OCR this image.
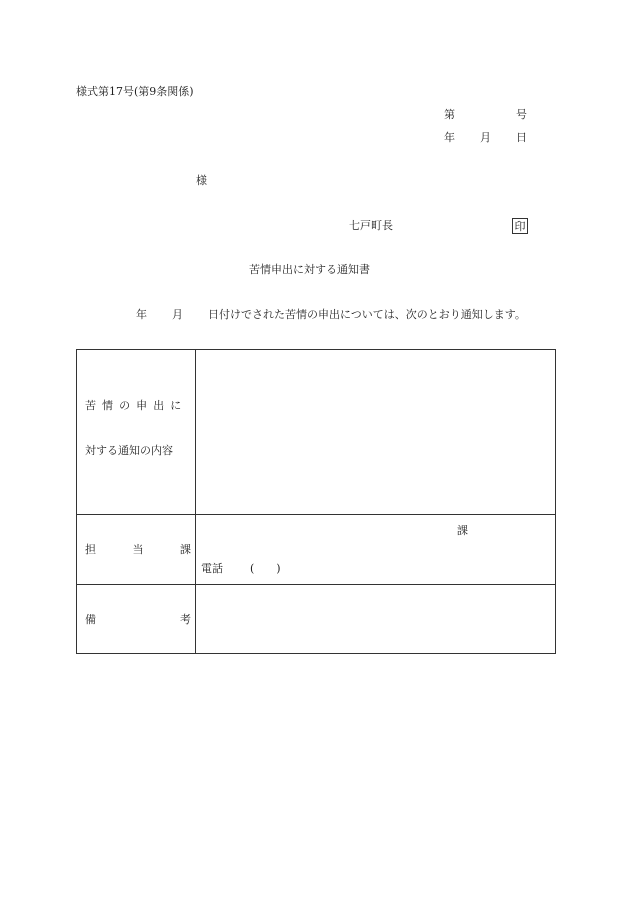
様式第17号(第9条関係)
第	号
年 月 日
様
七戸町長	印
苦情申出に対する通知書
年 月 日付けでされた苦情の申出については、次のとおり通知します。
苦情の申出に
対する通知の内容
担	当	課
課
電話 (　　)
備	考
